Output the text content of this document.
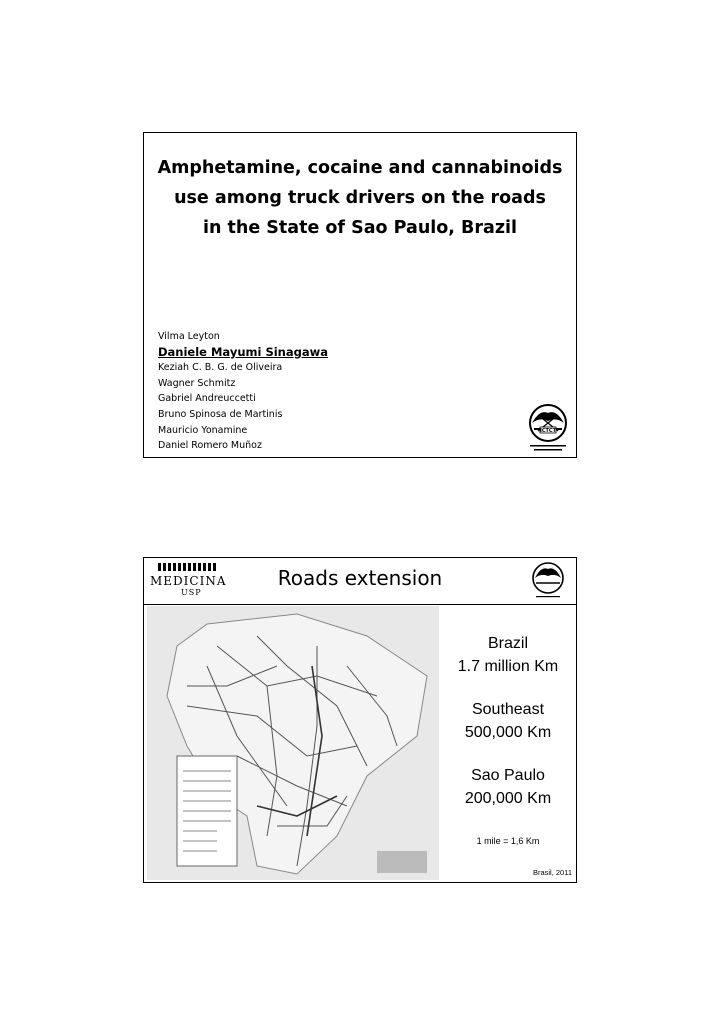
Amphetamine, cocaine and cannabinoids
use among truck drivers on the roads
in the State of Sao Paulo, Brazil
Vilma Leyton
Daniele Mayumi Sinagawa
Keziah C. B. G. de Oliveira
Wagner Schmitz
Gabriel Andreuccetti
Bruno Spinosa de Martinis
Mauricio Yonamine
Daniel Romero Muñoz
ICTCT
MEDICINA
USP
Roads extension
Brazil
1.7 million Km
Southeast
500,000 Km
Sao Paulo
200,000 Km
1 mile = 1,6 Km
Brasil, 2011
